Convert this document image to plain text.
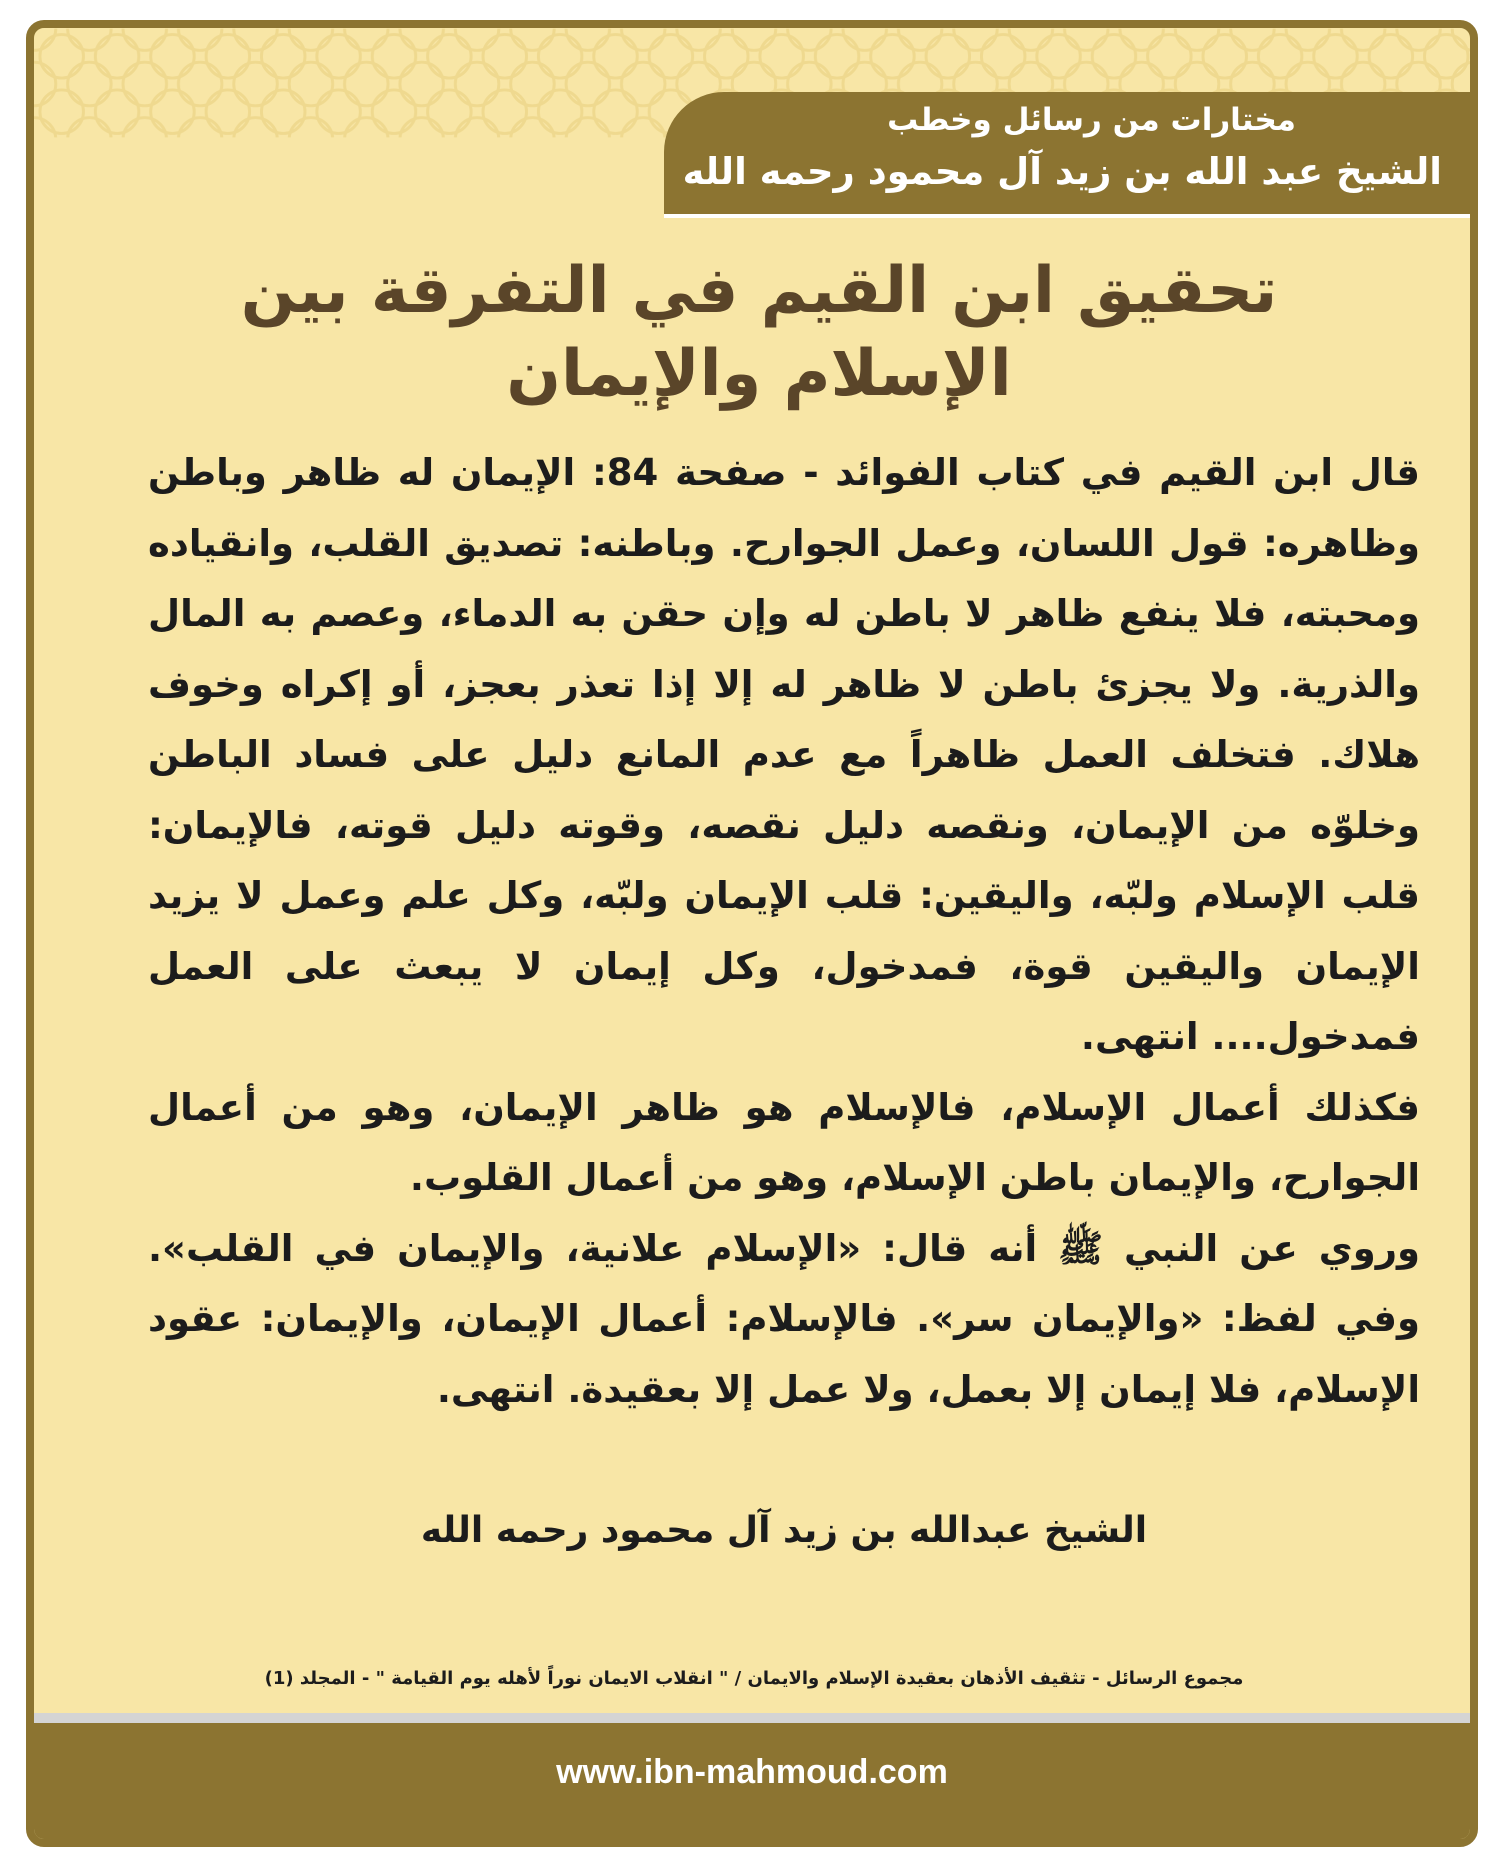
مختارات من رسائل وخطب
الشيخ عبد الله بن زيد آل محمود رحمه الله
تحقيق ابن القيم في التفرقة بين الإسلام والإيمان

قال ابن القيم في كتاب الفوائد - صفحة 84: الإيمان له ظاهر وباطن وظاهره: قول اللسان، وعمل الجوارح. وباطنه: تصديق القلب، وانقياده ومحبته، فلا ينفع ظاهر لا باطن له وإن حقن به الدماء، وعصم به المال والذرية. ولا يجزئ باطن لا ظاهر له إلا إذا تعذر بعجز، أو إكراه وخوف هلاك. فتخلف العمل ظاهراً مع عدم المانع دليل على فساد الباطن وخلوّه من الإيمان، ونقصه دليل نقصه، وقوته دليل قوته، فالإيمان: قلب الإسلام ولبّه، واليقين: قلب الإيمان ولبّه، وكل علم وعمل لا يزيد الإيمان واليقين قوة، فمدخول، وكل إيمان لا يبعث على العمل فمدخول.... انتهى.

فكذلك أعمال الإسلام، فالإسلام هو ظاهر الإيمان، وهو من أعمال الجوارح، والإيمان باطن الإسلام، وهو من أعمال القلوب.

وروي عن النبي ﷺ أنه قال: «الإسلام علانية، والإيمان في القلب». وفي لفظ: «والإيمان سر». فالإسلام: أعمال الإيمان، والإيمان: عقود الإسلام، فلا إيمان إلا بعمل، ولا عمل إلا بعقيدة. انتهى.

الشيخ عبدالله بن زيد آل محمود رحمه الله
مجموع الرسائل - تثقيف الأذهان بعقيدة الإسلام والايمان / " انقلاب الايمان نوراً لأهله يوم القيامة " - المجلد (1)
www.ibn-mahmoud.com
